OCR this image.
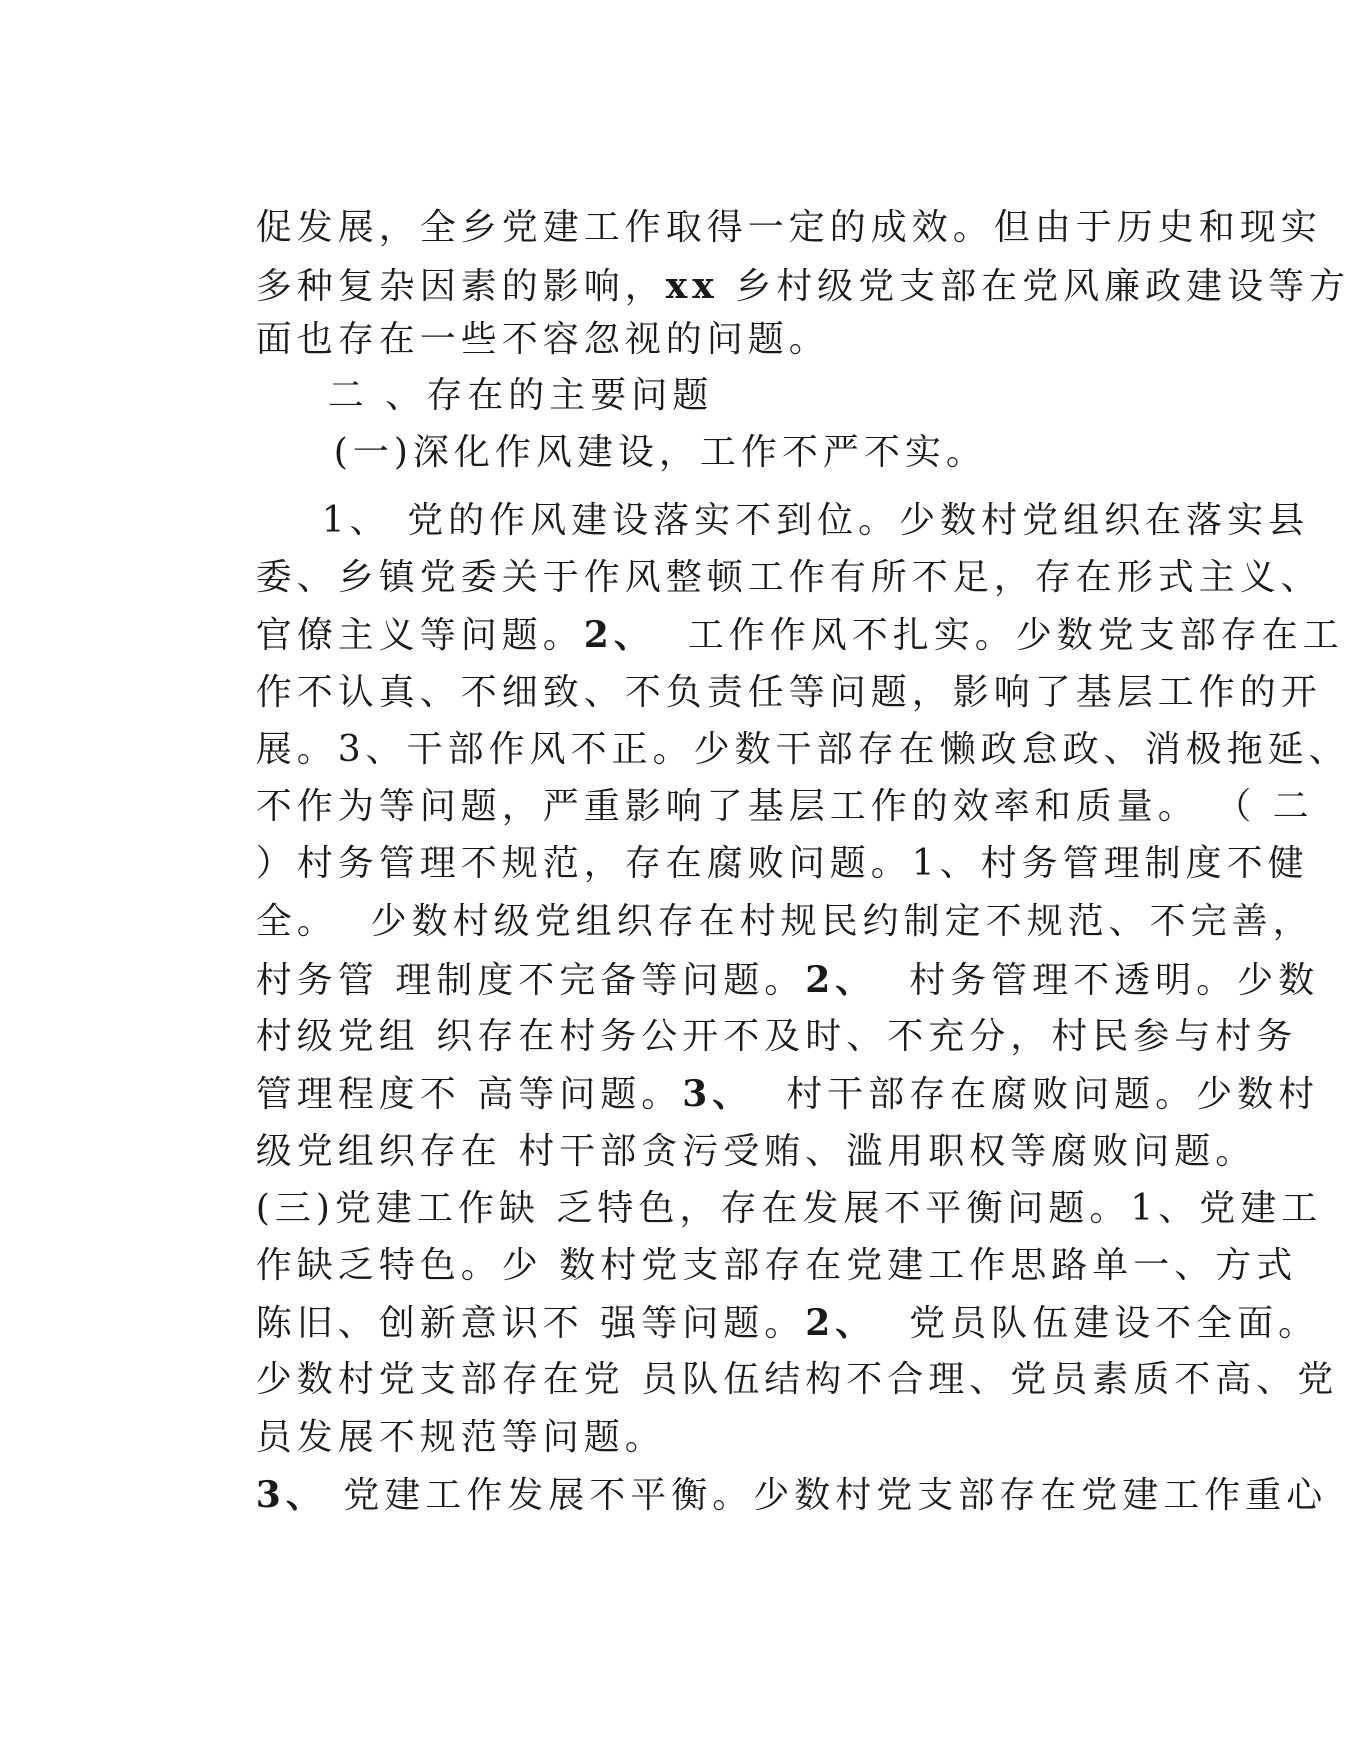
促发展，全乡党建工作取得一定的成效。但由于历史和现实

多种复杂因素的影响，xx 乡村级党支部在党风廉政建设等方

面也存在一些不容忽视的问题。

二 、存在的主要问题

(一)深化作风建设，工作不严不实。

1、 党的作风建设落实不到位。少数村党组织在落实县

委、乡镇党委关于作风整顿工作有所不足，存在形式主义、

官僚主义等问题。2、  工作作风不扎实。少数党支部存在工

作不认真、不细致、不负责任等问题，影响了基层工作的开

展。3、干部作风不正。少数干部存在懒政怠政、消极拖延、

不作为等问题，严重影响了基层工作的效率和质量。 （ 二

）村务管理不规范，存在腐败问题。1、村务管理制度不健

全。  少数村级党组织存在村规民约制定不规范、不完善，

村务管 理制度不完备等问题。2、  村务管理不透明。少数

村级党组 织存在村务公开不及时、不充分，村民参与村务

管理程度不 高等问题。3、  村干部存在腐败问题。少数村

级党组织存在 村干部贪污受贿、滥用职权等腐败问题。

(三)党建工作缺 乏特色，存在发展不平衡问题。1、党建工

作缺乏特色。少 数村党支部存在党建工作思路单一、方式

陈旧、创新意识不 强等问题。2、  党员队伍建设不全面。

少数村党支部存在党 员队伍结构不合理、党员素质不高、党

员发展不规范等问题。

3、 党建工作发展不平衡。少数村党支部存在党建工作重心
